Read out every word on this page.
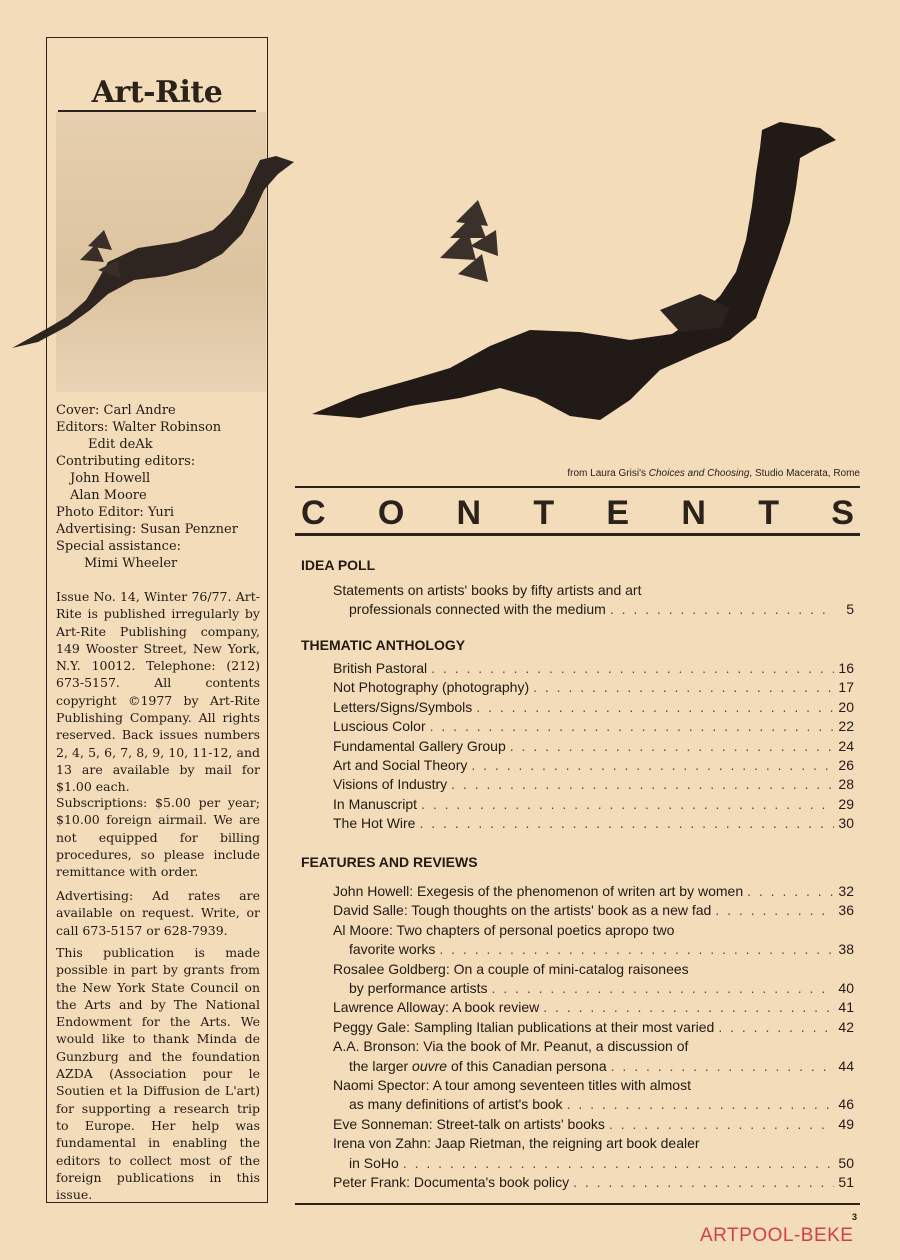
Art-Rite
Cover: Carl Andre
Editors: Walter Robinson
Edit deAk
Contributing editors:
John Howell
Alan Moore
Photo Editor: Yuri
Advertising: Susan Penzner
Special assistance:
Mimi Wheeler
Issue No. 14, Winter 76/77. Art-Rite is published irregularly by Art-Rite Publishing company, 149 Wooster Street, New York, N.Y. 10012. Telephone: (212) 673-5157. All contents copyright ©1977 by Art-Rite Publishing Company. All rights reserved. Back issues numbers 2, 4, 5, 6, 7, 8, 9, 10, 11-12, and 13 are available by mail for $1.00 each.
Subscriptions: $5.00 per year; $10.00 foreign airmail. We are not equipped for billing procedures, so please include remittance with order.
Advertising: Ad rates are available on request. Write, or call 673-5157 or 628-7939.
This publication is made possible in part by grants from the New York State Council on the Arts and by The National Endowment for the Arts. We would like to thank Minda de Gunzburg and the foundation AZDA (Association pour le Soutien et la Diffusion de L'art) for supporting a research trip to Europe. Her help was fundamental in enabling the editors to collect most of the foreign publications in this issue.
from Laura Grisi's Choices and Choosing, Studio Macerata, Rome
C O N T E N T S
IDEA POLL
Statements on artists' books by fifty artists and art
professionals connected with the medium . . .	5
THEMATIC ANTHOLOGY
British Pastoral . . .	16
Not Photography (photography) . . .	17
Letters/Signs/Symbols . . .	20
Luscious Color . . .	22
Fundamental Gallery Group . . .	24
Art and Social Theory . . .	26
Visions of Industry . . .	28
In Manuscript . . .	29
The Hot Wire . . .	30
FEATURES AND REVIEWS
John Howell: Exegesis of the phenomenon of writen art by women . . .	32
David Salle: Tough thoughts on the artists' book as a new fad . . .	36
Al Moore: Two chapters of personal poetics apropo two
favorite works . . .	38
Rosalee Goldberg: On a couple of mini-catalog raisonees
by performance artists . . .	40
Lawrence Alloway: A book review . . .	41
Peggy Gale: Sampling Italian publications at their most varied . . .	42
A.A. Bronson: Via the book of Mr. Peanut, a discussion of
the larger ouvre of this Canadian persona . . .	44
Naomi Spector: A tour among seventeen titles with almost
as many definitions of artist's book . . .	46
Eve Sonneman: Street-talk on artists' books . . .	49
Irena von Zahn: Jaap Rietman, the reigning art book dealer
in SoHo . . .	50
Peter Frank: Documenta's book policy . . .	51
3
ARTPOOL-BEKE
